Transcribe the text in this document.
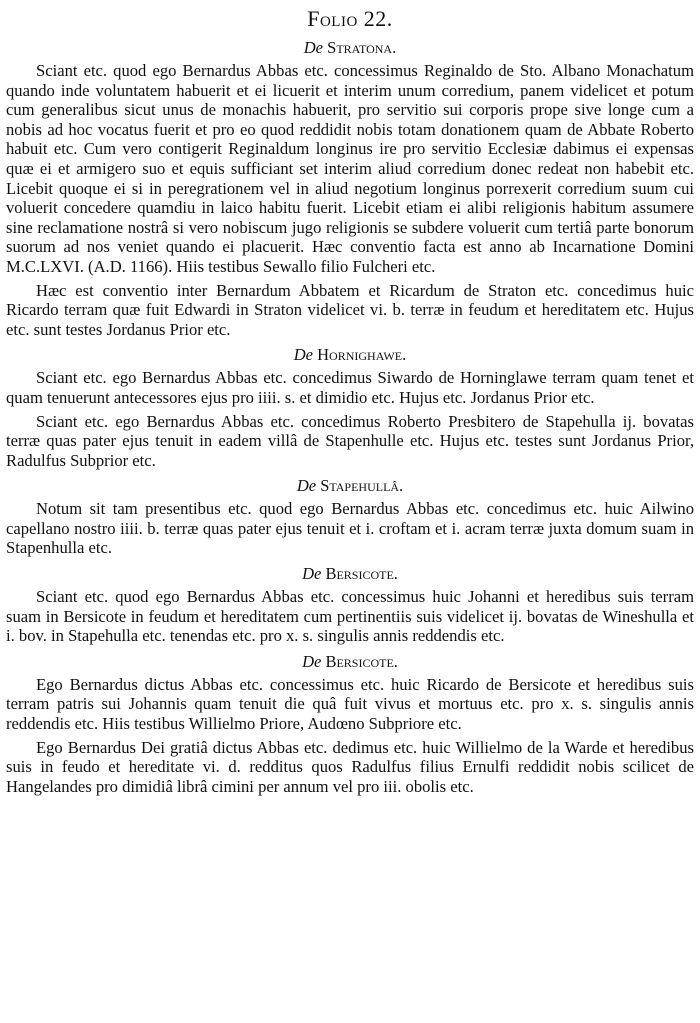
Folio 22.
De Stratona.

Sciant etc. quod ego Bernardus Abbas etc. concessimus Reginaldo de Sto. Albano Monachatum quando inde voluntatem habuerit et ei licuerit et interim unum corredium, panem videlicet et potum cum generalibus sicut unus de monachis habuerit, pro servitio sui corporis prope sive longe cum a nobis ad hoc vocatus fuerit et pro eo quod reddidit nobis totam donationem quam de Abbate Roberto habuit etc. Cum vero contigerit Reginaldum longinus ire pro servitio Ecclesiæ dabimus ei expensas quæ ei et armigero suo et equis sufficiant set interim aliud corredium donec redeat non habebit etc. Licebit quoque ei si in peregrationem vel in aliud negotium longinus porrexerit corredium suum cui voluerit concedere quamdiu in laico habitu fuerit. Licebit etiam ei alibi religionis habitum assumere sine reclamatione nostrâ si vero nobiscum jugo religionis se subdere voluerit cum tertiâ parte bonorum suorum ad nos veniet quando ei placuerit. Hæc conventio facta est anno ab Incarnatione Domini M.C.LXVI. (A.D. 1166). Hiis testibus Sewallo filio Fulcheri etc.

Hæc est conventio inter Bernardum Abbatem et Ricardum de Straton etc. concedimus huic Ricardo terram quæ fuit Edwardi in Straton videlicet vi. b. terræ in feudum et hereditatem etc. Hujus etc. sunt testes Jordanus Prior etc.

De Hornighawe.

Sciant etc. ego Bernardus Abbas etc. concedimus Siwardo de Horninglawe terram quam tenet et quam tenuerunt antecessores ejus pro iiii. s. et dimidio etc. Hujus etc. Jordanus Prior etc.

Sciant etc. ego Bernardus Abbas etc. concedimus Roberto Presbitero de Stapehulla ij. bovatas terræ quas pater ejus tenuit in eadem villâ de Stapenhulle etc. Hujus etc. testes sunt Jordanus Prior, Radulfus Subprior etc.

De Stapehullâ.

Notum sit tam presentibus etc. quod ego Bernardus Abbas etc. concedimus etc. huic Ailwino capellano nostro iiii. b. terræ quas pater ejus tenuit et i. croftam et i. acram terræ juxta domum suam in Stapenhulla etc.

De Bersicote.

Sciant etc. quod ego Bernardus Abbas etc. concessimus huic Johanni et heredibus suis terram suam in Bersicote in feudum et hereditatem cum pertinentiis suis videlicet ij. bovatas de Wineshulla et i. bov. in Stapehulla etc. tenendas etc. pro x. s. singulis annis reddendis etc.

De Bersicote.

Ego Bernardus dictus Abbas etc. concessimus etc. huic Ricardo de Bersicote et heredibus suis terram patris sui Johannis quam tenuit die quâ fuit vivus et mortuus etc. pro x. s. singulis annis reddendis etc. Hiis testibus Willielmo Priore, Audœno Subpriore etc.

Ego Bernardus Dei gratiâ dictus Abbas etc. dedimus etc. huic Willielmo de la Warde et heredibus suis in feudo et hereditate vi. d. redditus quos Radulfus filius Ernulfi reddidit nobis scilicet de Hangelandes pro dimidiâ librâ cimini per annum vel pro iii. obolis etc.
